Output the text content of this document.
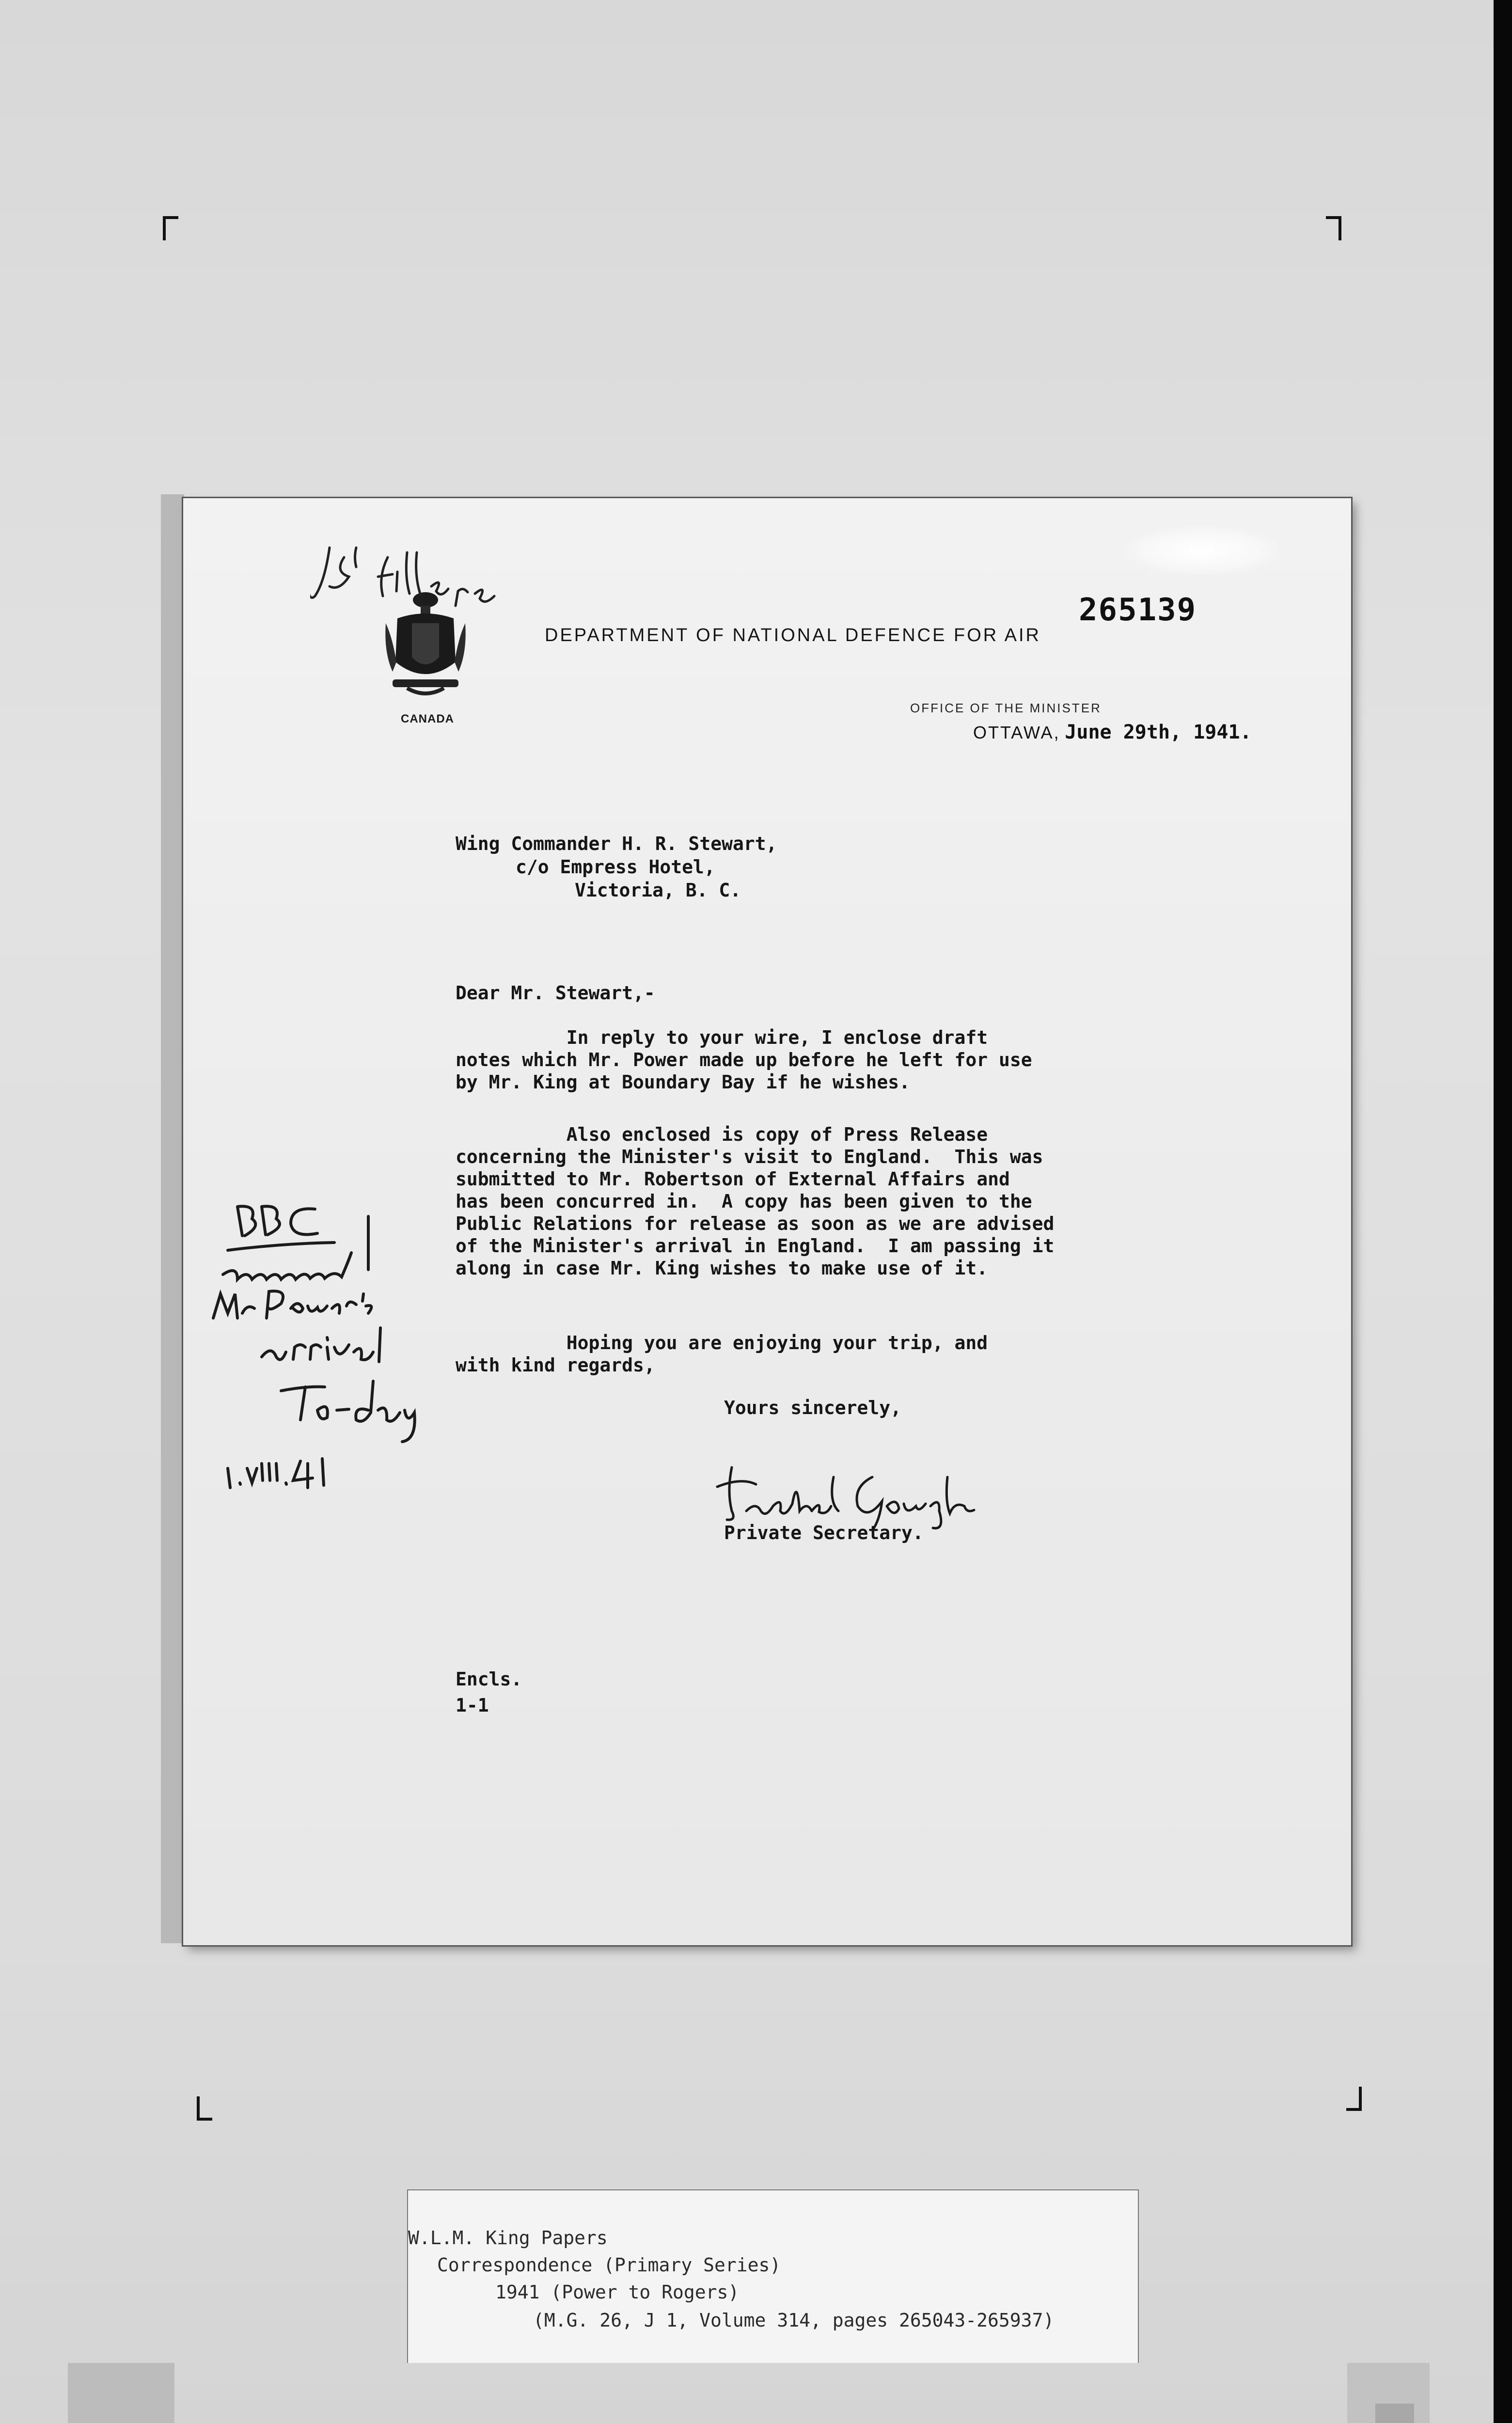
CANADA
DEPARTMENT OF NATIONAL DEFENCE FOR AIR
265139
OFFICE OF THE MINISTER
OTTAWA, June 29th, 1941.
Wing Commander H. R. Stewart,
c/o Empress Hotel,
Victoria, B. C.
Dear Mr. Stewart,-
In reply to your wire, I enclose draft
notes which Mr. Power made up before he left for use
by Mr. King at Boundary Bay if he wishes.
Also enclosed is copy of Press Release
concerning the Minister's visit to England.  This was
submitted to Mr. Robertson of External Affairs and
has been concurred in.  A copy has been given to the
Public Relations for release as soon as we are advised
of the Minister's arrival in England.  I am passing it
along in case Mr. King wishes to make use of it.
Hoping you are enjoying your trip, and
with kind regards,
Yours sincerely,
Private Secretary.
Encls.
1-1
W.L.M. King Papers
Correspondence (Primary Series)
1941 (Power to Rogers)
(M.G. 26, J 1, Volume 314, pages 265043-265937)
